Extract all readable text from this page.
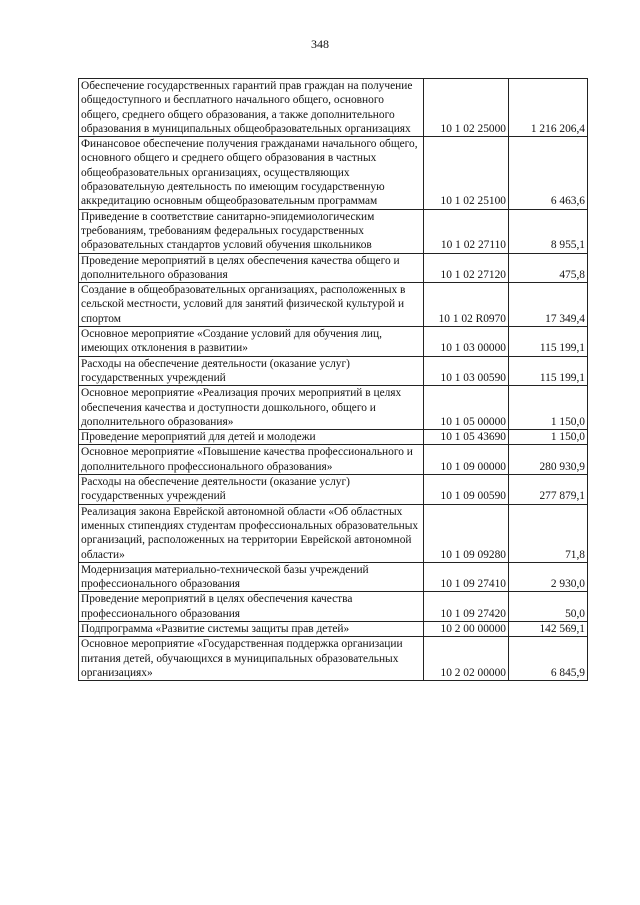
348
Обеспечение государственных гарантий прав граждан на получение общедоступного и бесплатного начального общего, основного общего, среднего общего образования, а также дополнительного образования в муниципальных общеобразовательных организациях	10 1 02 25000	1 216 206,4
Финансовое обеспечение получения гражданами начального общего, основного общего и среднего общего образования в частных общеобразовательных организациях, осуществляющих образовательную деятельность по имеющим государственную аккредитацию основным общеобразовательным программам	10 1 02 25100	6 463,6
Приведение в соответствие санитарно-эпидемиологическим требованиям, требованиям федеральных государственных образовательных стандартов условий обучения школьников	10 1 02 27110	8 955,1
Проведение мероприятий в целях обеспечения качества общего и дополнительного образования	10 1 02 27120	475,8
Создание в общеобразовательных организациях, расположенных в сельской местности, условий для занятий физической культурой и спортом	10 1 02 R0970	17 349,4
Основное мероприятие «Создание условий для обучения лиц, имеющих отклонения в развитии»	10 1 03 00000	115 199,1
Расходы на обеспечение деятельности (оказание услуг) государственных учреждений	10 1 03 00590	115 199,1
Основное мероприятие «Реализация прочих мероприятий в целях обеспечения качества и доступности дошкольного, общего и дополнительного образования»	10 1 05 00000	1 150,0
Проведение мероприятий для детей и молодежи	10 1 05 43690	1 150,0
Основное мероприятие «Повышение качества профессионального и дополнительного профессионального образования»	10 1 09 00000	280 930,9
Расходы на обеспечение деятельности (оказание услуг) государственных учреждений	10 1 09 00590	277 879,1
Реализация закона Еврейской автономной области «Об областных именных стипендиях студентам профессиональных образовательных организаций, расположенных на территории Еврейской автономной области»	10 1 09 09280	71,8
Модернизация материально-технической базы учреждений профессионального образования	10 1 09 27410	2 930,0
Проведение мероприятий в целях обеспечения качества профессионального образования	10 1 09 27420	50,0
Подпрограмма «Развитие системы защиты прав детей»	10 2 00 00000	142 569,1
Основное мероприятие «Государственная поддержка организации питания детей, обучающихся в муниципальных образовательных организациях»	10 2 02 00000	6 845,9
